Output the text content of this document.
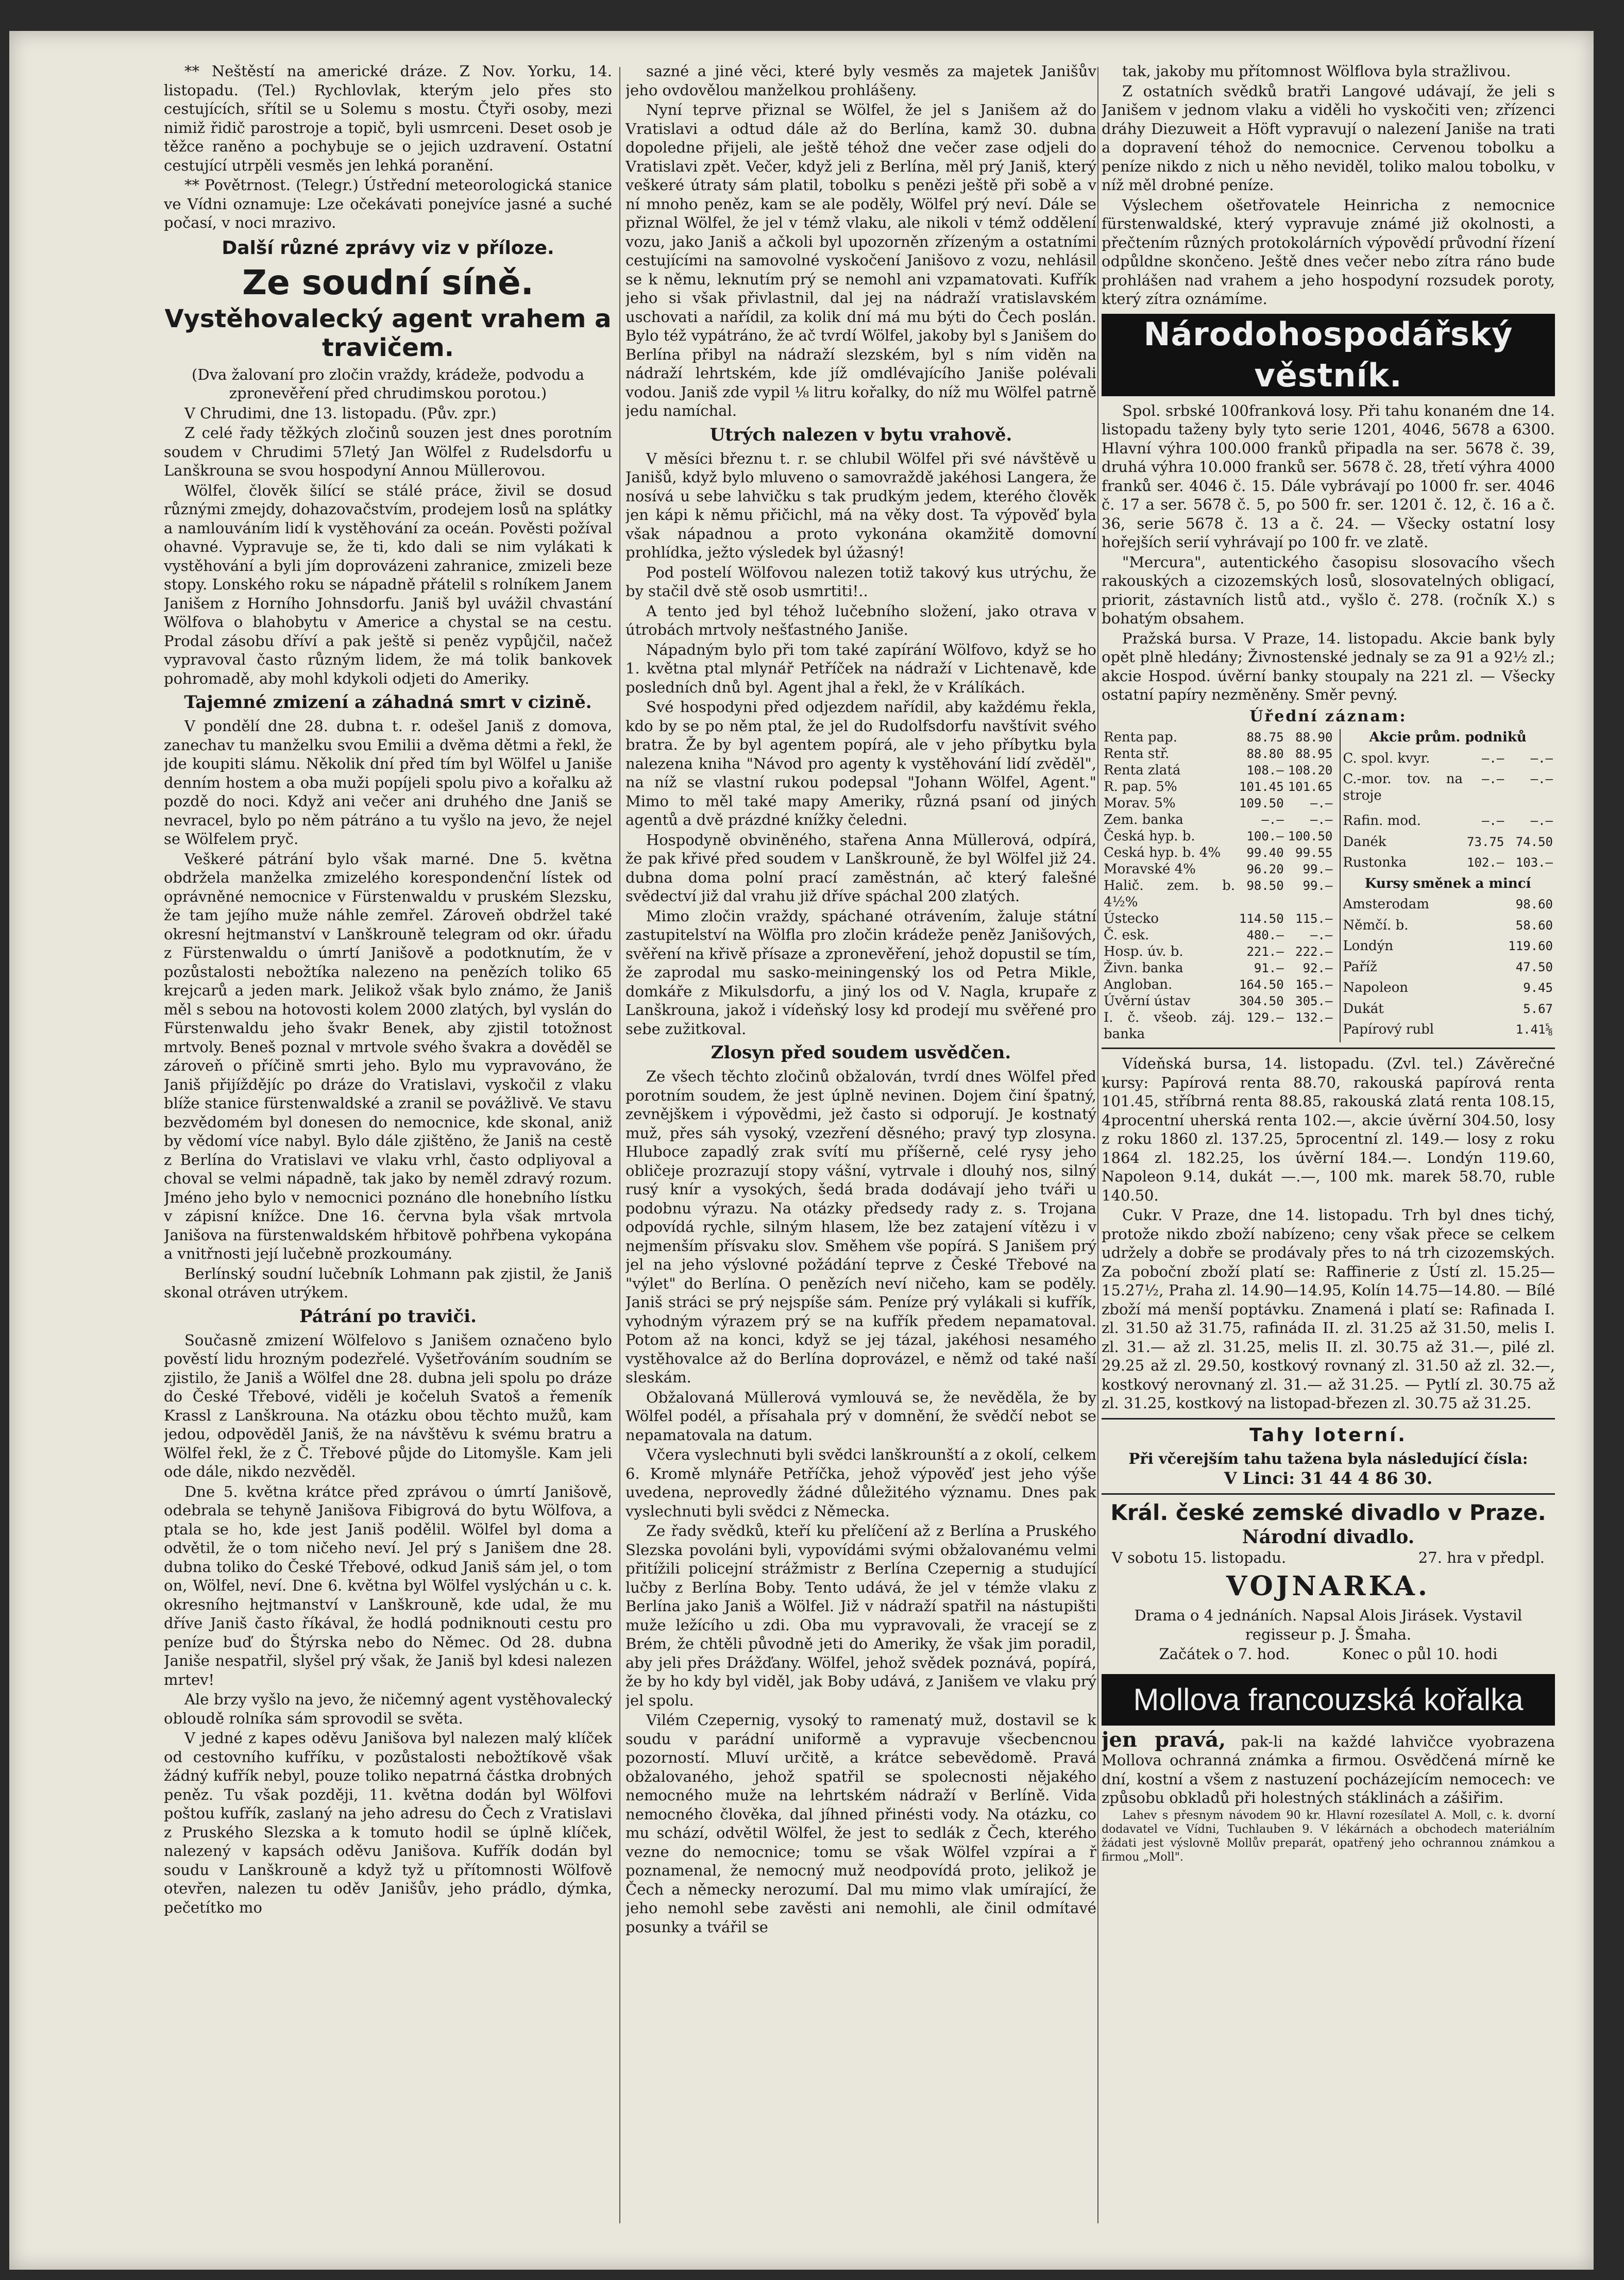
** Neštěstí na americké dráze. Z Nov. Yorku, 14. listopadu. (Tel.) Rychlovlak, kterým jelo přes sto cestujících, sřítil se u Solemu s mostu. Čtyři osoby, mezi nimiž řidič parostroje a topič, byli usmrceni. Deset osob je těžce raněno a pochybuje se o jejich uzdravení. Ostatní cestující utrpěli vesměs jen lehká poranění.

** Povětrnost. (Telegr.) Ústřední meteorologická stanice ve Vídni oznamuje: Lze očekávati ponejvíce jasné a suché počasí, v noci mrazivo.

Další různé zprávy viz v příloze.
Ze soudní síně.
Vystěhovalecký agent vrahem a travičem.

(Dva žalovaní pro zločin vraždy, krádeže, podvodu a zpronevěření před chrudimskou porotou.)

V Chrudimi, dne 13. listopadu. (Pův. zpr.)

Z celé řady těžkých zločinů souzen jest dnes porotním soudem v Chrudimi 57letý Jan Wölfel z Rudelsdorfu u Lanškrouna se svou hospodyní Annou Müllerovou.

Wölfel, člověk šilící se stálé práce, živil se dosud různými zmejdy, dohazovačstvím, prodejem losů na splátky a namlouváním lidí k vystěhování za oceán. Pověsti požíval ohavné. Vypravuje se, že ti, kdo dali se nim vylákati k vystěhování a byli jím doprovázeni zahranice, zmizeli beze stopy. Lonského roku se nápadně přátelil s rolníkem Janem Janišem z Horního Johnsdorfu. Janiš byl uvážil chvastání Wölfova o blahobytu v Americe a chystal se na cestu. Prodal zásobu dříví a pak ještě si peněz vypůjčil, načež vypravoval často různým lidem, že má tolik bankovek pohromadě, aby mohl kdykoli odjeti do Ameriky.

Tajemné zmizení a záhadná smrt v cizině.

V pondělí dne 28. dubna t. r. odešel Janiš z domova, zanechav tu manželku svou Emilii a dvěma dětmi a řekl, že jde koupiti slámu. Několik dní před tím byl Wölfel u Janiše denním hostem a oba muži popíjeli spolu pivo a kořalku až pozdě do noci. Když ani večer ani druhého dne Janiš se nevracel, bylo po něm pátráno a tu vyšlo na jevo, že nejel se Wölfelem pryč.

Veškeré pátrání bylo však marné. Dne 5. května obdržela manželka zmizelého korespondenční lístek od oprávněné nemocnice v Fürstenwaldu v pruském Slezsku, že tam jejího muže náhle zemřel. Zároveň obdržel také okresní hejtmanství v Lanškrouně telegram od okr. úřadu z Fürstenwaldu o úmrtí Janišově a podotknutím, že v pozůstalosti nebožtíka nalezeno na penězích toliko 65 krejcarů a jeden mark. Jelikož však bylo známo, že Janiš měl s sebou na hotovosti kolem 2000 zlatých, byl vyslán do Fürstenwaldu jeho švakr Benek, aby zjistil totožnost mrtvoly. Beneš poznal v mrtvole svého švakra a dověděl se zároveň o příčině smrti jeho. Bylo mu vypravováno, že Janiš přijíždějíc po dráze do Vratislavi, vyskočil z vlaku blíže stanice fürstenwaldské a zranil se povážlivě. Ve stavu bezvědomém byl donesen do nemocnice, kde skonal, aniž by vědomí více nabyl. Bylo dále zjištěno, že Janiš na cestě z Berlína do Vratislavi ve vlaku vrhl, často odpliyoval a choval se velmi nápadně, tak jako by neměl zdravý rozum. Jméno jeho bylo v nemocnici poznáno dle honebního lístku v zápisní knížce. Dne 16. června byla však mrtvola Janišova na fürstenwaldském hřbitově pohřbena vykopána a vnitřnosti její lučebně prozkoumány.

Berlínský soudní lučebník Lohmann pak zjistil, že Janiš skonal otráven utrýkem.

Pátrání po traviči.

Současně zmizení Wölfelovo s Janišem označeno bylo pověstí lidu hrozným podezřelé. Vyšetřováním soudním se zjistilo, že Janiš a Wölfel dne 28. dubna jeli spolu po dráze do České Třebové, viděli je kočeluh Svatoš a řemeník Krassl z Lanškrouna. Na otázku obou těchto mužů, kam jedou, odpověděl Janiš, že na návštěvu k svému bratru a Wölfel řekl, že z Č. Třebové půjde do Litomyšle. Kam jeli ode dále, nikdo nezvěděl.

Dne 5. května krátce před zprávou o úmrtí Janišově, odebrala se tehyně Janišova Fibigrová do bytu Wölfova, a ptala se ho, kde jest Janiš podělil. Wölfel byl doma a odvětil, že o tom ničeho neví. Jel prý s Janišem dne 28. dubna toliko do České Třebové, odkud Janiš sám jel, o tom on, Wölfel, neví. Dne 6. května byl Wölfel vyslýchán u c. k. okresního hejtmanství v Lanškrouně, kde udal, že mu dříve Janiš často říkával, že hodlá podniknouti cestu pro peníze buď do Štýrska nebo do Němec. Od 28. dubna Janiše nespatřil, slyšel prý však, že Janiš byl kdesi nalezen mrtev!

Ale brzy vyšlo na jevo, že ničemný agent vystěhovalecký obloudě rolníka sám sprovodil se světa.

V jedné z kapes oděvu Janišova byl nalezen malý klíček od cestovního kufříku, v pozůstalosti nebožtíkově však žádný kufřík nebyl, pouze toliko nepatrná částka drobných peněz. Tu však později, 11. května dodán byl Wölfovi poštou kufřík, zaslaný na jeho adresu do Čech z Vratislavi z Pruského Slezska a k tomuto hodil se úplně klíček, nalezený v kapsách oděvu Janišova. Kufřík dodán byl soudu v Lanškrouně a když tyž u přítomnosti Wölfově otevřen, nalezen tu oděv Janišův, jeho prádlo, dýmka, pečetítko mo

sazné a jiné věci, které byly vesměs za majetek Janišův jeho ovdovělou manželkou prohlášeny.

Nyní teprve přiznal se Wölfel, že jel s Janišem až do Vratislavi a odtud dále až do Berlína, kamž 30. dubna dopoledne přijeli, ale ještě téhož dne večer zase odjeli do Vratislavi zpět. Večer, když jeli z Berlína, měl prý Janiš, který veškeré útraty sám platil, tobolku s penězi ještě při sobě a v ní mnoho peněz, kam se ale poděly, Wölfel prý neví. Dále se přiznal Wölfel, že jel v témž vlaku, ale nikoli v témž oddělení vozu, jako Janiš a ačkoli byl upozorněn zřízeným a ostatními cestujícími na samovolné vyskočení Janišovo z vozu, nehlásil se k němu, leknutím prý se nemohl ani vzpamatovati. Kufřík jeho si však přivlastnil, dal jej na nádraží vratislavském uschovati a nařídil, za kolik dní má mu býti do Čech poslán. Bylo též vypátráno, že ač tvrdí Wölfel, jakoby byl s Janišem do Berlína přibyl na nádraží slezském, byl s ním viděn na nádraží lehrtském, kde jíž omdlévajícího Janiše polévali vodou. Janiš zde vypil ⅛ litru kořalky, do níž mu Wölfel patrně jedu namíchal.

Utrých nalezen v bytu vrahově.

V měsíci březnu t. r. se chlubil Wölfel při své návštěvě u Janišů, když bylo mluveno o samovraždě jakéhosi Langera, že nosívá u sebe lahvičku s tak prudkým jedem, kterého člověk jen kápi k němu přičichl, má na věky dost. Ta výpověď byla však nápadnou a proto vykonána okamžitě domovní prohlídka, ježto výsledek byl úžasný!

Pod postelí Wölfovou nalezen totiž takový kus utrýchu, že by stačil dvě stě osob usmrtiti!..

A tento jed byl téhož lučebního složení, jako otrava v útrobách mrtvoly nešťastného Janiše.

Nápadným bylo při tom také zapírání Wölfovo, když se ho 1. května ptal mlynář Petříček na nádraží v Lichtenavě, kde posledních dnů byl. Agent jhal a řekl, že v Králíkách.

Své hospodyni před odjezdem nařídil, aby každému řekla, kdo by se po něm ptal, že jel do Rudolfsdorfu navštívit svého bratra. Že by byl agentem popírá, ale v jeho příbytku byla nalezena kniha "Návod pro agenty k vystěhování lidí zvěděl", na níž se vlastní rukou podepsal "Johann Wölfel, Agent." Mimo to měl také mapy Ameriky, různá psaní od jiných agentů a dvě prázdné knížky čeledni.

Hospodyně obviněného, stařena Anna Müllerová, odpírá, že pak křivé před soudem v Lanškrouně, že byl Wölfel již 24. dubna doma polní prací zaměstnán, ač který falešné svědectví již dal vrahu již dříve spáchal 200 zlatých.

Mimo zločin vraždy, spáchané otrávením, žaluje státní zastupitelství na Wölfla pro zločin krádeže peněz Janišových, svěření na křivě přísaze a zpronevěření, jehož dopustil se tím, že zaprodal mu sasko-meiningenský los od Petra Mikle, domkáře z Mikulsdorfu, a jiný los od V. Nagla, krupaře z Lanškrouna, jakož i vídeňský losy kd prodejí mu svěřené pro sebe zužitkoval.

Zlosyn před soudem usvědčen.

Ze všech těchto zločinů obžalován, tvrdí dnes Wölfel před porotním soudem, že jest úplně nevinen. Dojem činí špatný, zevnějškem i výpovědmi, jež často si odporují. Je kostnatý muž, přes sáh vysoký, vzezření děsného; pravý typ zlosyna. Hluboce zapadlý zrak svítí mu příšerně, celé rysy jeho obličeje prozrazují stopy vášní, vytrvale i dlouhý nos, silný rusý knír a vysokých, šedá brada dodávají jeho tváři u podobnu výrazu. Na otázky předsedy rady z. s. Trojana odpovídá rychle, silným hlasem, lže bez zatajení vítězu i v nejmenším přísvaku slov. Směhem vše popírá. S Janišem prý jel na jeho výslovné požádání teprve z České Třebové na "výlet" do Berlína. O penězích neví ničeho, kam se poděly. Janiš stráci se prý nejspíše sám. Peníze prý vylákali si kufřík, vyhodným výrazem prý se na kufřík předem nepamatoval. Potom až na konci, když se jej tázal, jakéhosi nesamého vystěhovalce až do Berlína doprovázel, e němž od také naší sleskám.

Obžalovaná Müllerová vymlouvá se, že nevěděla, že by Wölfel podél, a přísahala prý v domnění, že svědčí nebot se nepamatovala na datum.

Včera vyslechnuti byli svědci lanškrounští a z okolí, celkem 6. Kromě mlynáře Petříčka, jehož výpověď jest jeho výše uvedena, neprovedly žádné důležitého významu. Dnes pak vyslechnuti byli svědci z Německa.

Ze řady svědků, kteří ku přelíčení až z Berlína a Pruského Slezska povoláni byli, vypovídámi svými obžalovanému velmi přitížili policejní strážmistr z Berlína Czepernig a studující lučby z Berlína Boby. Tento udává, že jel v témže vlaku z Berlína jako Janiš a Wölfel. Již v nádraží spatřil na nástupišti muže ležícího u zdi. Oba mu vypravovali, že vracejí se z Brém, že chtěli původně jeti do Ameriky, že však jim poradil, aby jeli přes Drážďany. Wölfel, jehož svědek poznává, popírá, že by ho kdy byl viděl, jak Boby udává, z Janišem ve vlaku prý jel spolu.

Vilém Czepernig, vysoký to ramenatý muž, dostavil se k soudu v parádní uniformě a vypravuje všecbencnou pozorností. Mluví určitě, a krátce sebevědomě. Pravá obžalovaného, jehož spatřil se spolecnosti nějakého nemocného muže na lehrtském nádraží v Berlíně. Vida nemocného člověka, dal jíhned přinésti vody. Na otázku, co mu schází, odvětil Wölfel, že jest to sedlák z Čech, kterého vezne do nemocnice; tomu se však Wölfel vzpírai a ř poznamenal, že nemocný muž neodpovídá proto, jelikož je Čech a německy nerozumí. Dal mu mimo vlak umírající, že jeho nemohl sebe zavěsti ani nemohli, ale činil odmítavé posunky a tvářil se

tak, jakoby mu přítomnost Wölflova byla stražlivou.

Z ostatních svědků bratři Langové udávají, že jeli s Janišem v jednom vlaku a viděli ho vyskočiti ven; zřízenci dráhy Diezuweit a Höft vypravují o nalezení Janiše na trati a dopravení téhož do nemocnice. Cervenou tobolku a peníze nikdo z nich u něho neviděl, toliko malou tobolku, v níž měl drobné peníze.

Výslechem ošetřovatele Heinricha z nemocnice fürstenwaldské, který vypravuje známé již okolnosti, a přečtením různých protokolárních výpovědí průvodní řízení odpůldne skončeno. Ještě dnes večer nebo zítra ráno bude prohlášen nad vrahem a jeho hospodyní rozsudek poroty, který zítra oznámíme.

Národohospodářský věstník.

Spol. srbské 100franková losy. Při tahu konaném dne 14. listopadu taženy byly tyto serie 1201, 4046, 5678 a 6300. Hlavní výhra 100.000 franků připadla na ser. 5678 č. 39, druhá výhra 10.000 franků ser. 5678 č. 28, třetí výhra 4000 franků ser. 4046 č. 15. Dále vybrávají po 1000 fr. ser. 4046 č. 17 a ser. 5678 č. 5, po 500 fr. ser. 1201 č. 12, č. 16 a č. 36, serie 5678 č. 13 a č. 24. — Všecky ostatní losy hořejších serií vyhrávají po 100 fr. ve zlatě.

"Mercura", autentického časopisu slosovacího všech rakouských a cizozemských losů, slosovatelných obligací, priorit, zástavních listů atd., vyšlo č. 278. (ročník X.) s bohatým obsahem.

Pražská bursa. V Praze, 14. listopadu. Akcie bank byly opět plně hledány; Živnostenské jednaly se za 91 a 92½ zl.; akcie Hospod. úvěrní banky stoupaly na 221 zl. — Všecky ostatní papíry nezměněny. Směr pevný.

Úřední záznam:
Renta pap.	88.75	88.90
Renta stř.	88.80	88.95
Renta zlatá	108.—	108.20
R. pap. 5%	101.45	101.65
Morav. 5%	109.50	—.—
Zem. banka	—.—	—.—
Česká hyp. b.	100.—	100.50
Ceská hyp. b. 4%	99.40	99.55
Moravské 4%	96.20	99.—
Halič. zem. b. 4½%	98.50	99.—
Ústecko	114.50	115.—
Č. esk.	480.—	—.—
Hosp. úv. b.	221.—	222.—
Živn. banka	91.—	92.—
Angloban.	164.50	165.—
Úvěrní ústav	304.50	305.—
I. č. všeob. záj. banka	129.—	132.—
Akcie prům. podniků		
C. spol. kvyr.	—.—	—.—
C.-mor. tov. na stroje	—.—	—.—
Rafin. mod.	—.—	—.—
Danék	73.75	74.50
Rustonka	102.—	103.—
Kursy směnek a mincí		
Amsterodam		98.60
Němčí. b.		58.60
Londýn		119.60
Paříž		47.50
Napoleon		9.45
Dukát		5.67
Papírový rubl		1.41⅝

Vídeňská bursa, 14. listopadu. (Zvl. tel.) Závěrečné kursy: Papírová renta 88.70, rakouská papírová renta 101.45, stříbrná renta 88.85, rakouská zlatá renta 108.15, 4procentní uherská renta 102.—, akcie úvěrní 304.50, losy z roku 1860 zl. 137.25, 5procentní zl. 149.— losy z roku 1864 zl. 182.25, los úvěrní 184.—. Londýn 119.60, Napoleon 9.14, dukát —.—, 100 mk. marek 58.70, ruble 140.50.

Cukr. V Praze, dne 14. listopadu. Trh byl dnes tichý, protože nikdo zboží nabízeno; ceny však přece se celkem udržely a dobře se prodávaly přes to ná trh cizozemských. Za poboční zboží platí se: Raffinerie z Ústí zl. 15.25—15.27½, Praha zl. 14.90—14.95, Kolín 14.75—14.80. — Bílé zboží má menší poptávku. Znamená i platí se: Rafinada I. zl. 31.50 až 31.75, rafináda II. zl. 31.25 až 31.50, melis I. zl. 31.— až zl. 31.25, melis II. zl. 30.75 až 31.—, pilé zl. 29.25 až zl. 29.50, kostkový rovnaný zl. 31.50 až zl. 32.—, kostkový nerovnaný zl. 31.— až 31.25. — Pytlí zl. 30.75 až zl. 31.25, kostkový na listopad-březen zl. 30.75 až 31.25.

Tahy loterní.

Při včerejším tahu tažena byla následující čísla:

V Linci: 31 44 4 86 30.

Král. české zemské divadlo v Praze.
Národní divadlo.
V sobotu 15. listopadu.	27. hra v předpl.
VOJNARKA.

Drama o 4 jednáních. Napsal Alois Jirásek. Vystavil regisseur p. J. Šmaha.

Začátek o 7. hod.           Konec o půl 10. hodi

Mollova francouzská kořalka

jen pravá, pak-li na každé lahvičce vyobrazena Mollova ochranná známka a firmou. Osvědčená mírně ke dní, kostní a všem z nastuzení pocházejícím nemocech: ve způsobu obkladů při holestných stáklinách a zášiřim.

Lahev s přesnym návodem 90 kr. Hlavní rozesílatel A. Moll, c. k. dvorní dodavatel ve Vídni, Tuchlauben 9. V lékárnách a obchodech materiálním žádati jest výslovně Mollův preparát, opatřený jeho ochrannou známkou a firmou „Moll".
